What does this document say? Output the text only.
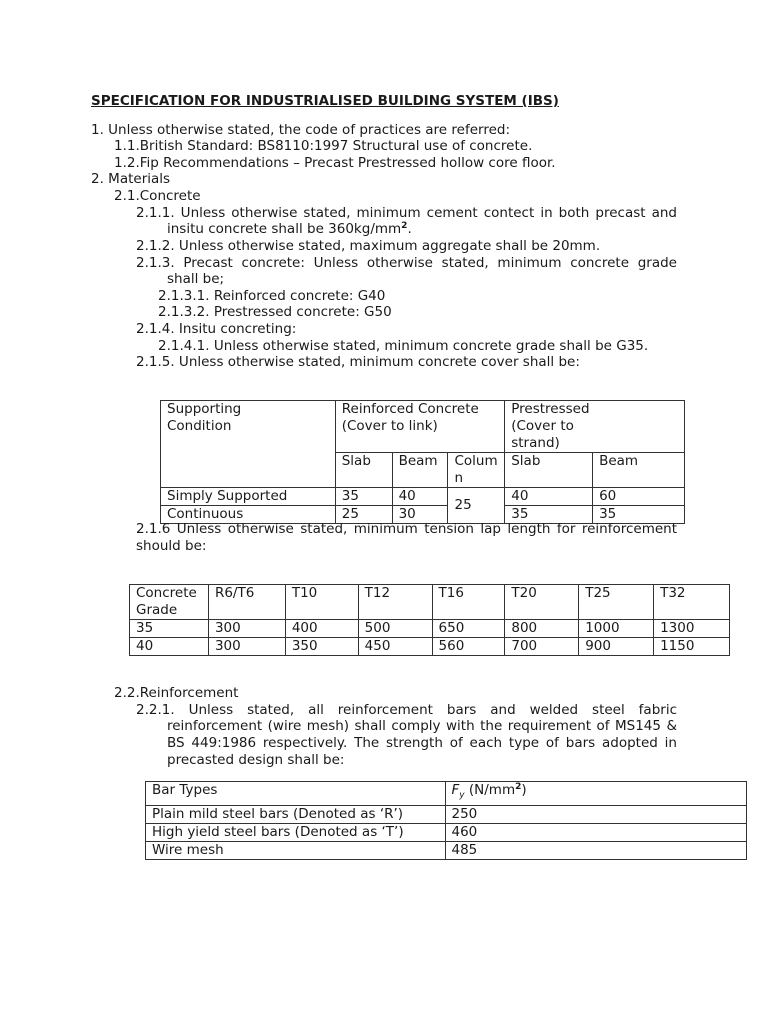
SPECIFICATION FOR INDUSTRIALISED BUILDING SYSTEM (IBS)
1. Unless otherwise stated, the code of practices are referred:
1.1.British Standard: BS8110:1997 Structural use of concrete.
1.2.Fip Recommendations – Precast Prestressed hollow core floor.
2. Materials
2.1.Concrete
2.1.1. Unless otherwise stated, minimum cement contect in both precast and
insitu concrete shall be $360kg/mm^2$.
2.1.2. Unless otherwise stated, maximum aggregate shall be 20mm.
2.1.3. Precast concrete: Unless otherwise stated, minimum concrete grade
shall be;
2.1.3.1. Reinforced concrete: G40
2.1.3.2. Prestressed concrete: G50
2.1.4. Insitu concreting:
2.1.4.1. Unless otherwise stated, minimum concrete grade shall be G35.
2.1.5. Unless otherwise stated, minimum concrete cover shall be:
Supporting Condition	Reinforced Concrete (Cover to link)			Prestressed (Cover to strand)	
	Slab	Beam	Column	Slab	Beam
Simply Supported	35	40	25	40	60
Continuous	25	30		35	35
2.1.6 Unless otherwise stated, minimum tension lap length for reinforcement
should be:
Concrete Grade	R6/T6	T10	T12	T16	T20	T25	T32
35	300	400	500	650	800	1000	1300
40	300	350	450	560	700	900	1150
2.2.Reinforcement
2.2.1. Unless stated, all reinforcement bars and welded steel fabric
reinforcement (wire mesh) shall comply with the requirement of MS145 &
BS 449:1986 respectively. The strength of each type of bars adopted in
precasted design shall be:
Bar Types	$F_y$ $(N/mm^2)$
Plain mild steel bars (Denoted as ‘R’)	250
High yield steel bars (Denoted as ‘T’)	460
Wire mesh	485
